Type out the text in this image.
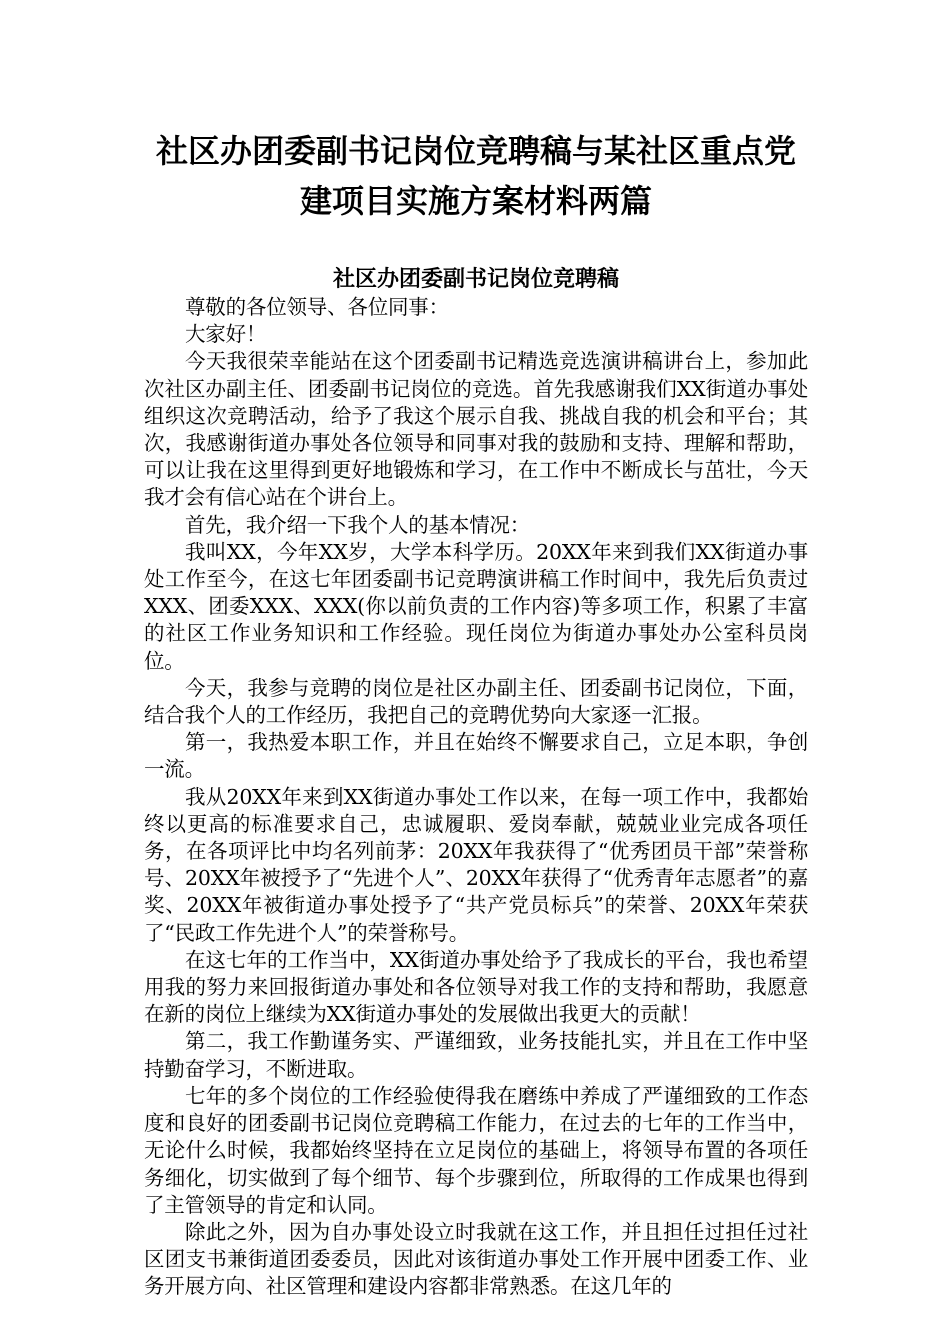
社区办团委副书记岗位竞聘稿与某社区重点党建项目实施方案材料两篇
社区办团委副书记岗位竞聘稿

尊敬的各位领导、各位同事：

大家好！

今天我很荣幸能站在这个团委副书记精选竞选演讲稿讲台上，参加此次社区办副主任、团委副书记岗位的竞选。首先我感谢我们XX街道办事处组织这次竞聘活动，给予了我这个展示自我、挑战自我的机会和平台；其次，我感谢街道办事处各位领导和同事对我的鼓励和支持、理解和帮助，可以让我在这里得到更好地锻炼和学习，在工作中不断成长与茁壮，今天我才会有信心站在个讲台上。

首先，我介绍一下我个人的基本情况：

我叫XX，今年XX岁，大学本科学历。20XX年来到我们XX街道办事处工作至今，在这七年团委副书记竞聘演讲稿工作时间中，我先后负责过XXX、团委XXX、XXX(你以前负责的工作内容)等多项工作，积累了丰富的社区工作业务知识和工作经验。现任岗位为街道办事处办公室科员岗位。

今天，我参与竞聘的岗位是社区办副主任、团委副书记岗位，下面，结合我个人的工作经历，我把自己的竞聘优势向大家逐一汇报。

第一，我热爱本职工作，并且在始终不懈要求自己，立足本职，争创一流。

我从20XX年来到XX街道办事处工作以来，在每一项工作中，我都始终以更高的标准要求自己，忠诚履职、爱岗奉献，兢兢业业完成各项任务，在各项评比中均名列前茅：20XX年我获得了“优秀团员干部”荣誉称号、20XX年被授予了“先进个人”、20XX年获得了“优秀青年志愿者”的嘉奖、20XX年被街道办事处授予了“共产党员标兵”的荣誉、20XX年荣获了“民政工作先进个人”的荣誉称号。

在这七年的工作当中，XX街道办事处给予了我成长的平台，我也希望用我的努力来回报街道办事处和各位领导对我工作的支持和帮助，我愿意在新的岗位上继续为XX街道办事处的发展做出我更大的贡献！

第二，我工作勤谨务实、严谨细致，业务技能扎实，并且在工作中坚持勤奋学习，不断进取。

七年的多个岗位的工作经验使得我在磨练中养成了严谨细致的工作态度和良好的团委副书记岗位竞聘稿工作能力，在过去的七年的工作当中，无论什么时候，我都始终坚持在立足岗位的基础上，将领导布置的各项任务细化，切实做到了每个细节、每个步骤到位，所取得的工作成果也得到了主管领导的肯定和认同。

除此之外，因为自办事处设立时我就在这工作，并且担任过担任过社区团支书兼街道团委委员，因此对该街道办事处工作开展中团委工作、业务开展方向、社区管理和建设内容都非常熟悉。在这几年的
